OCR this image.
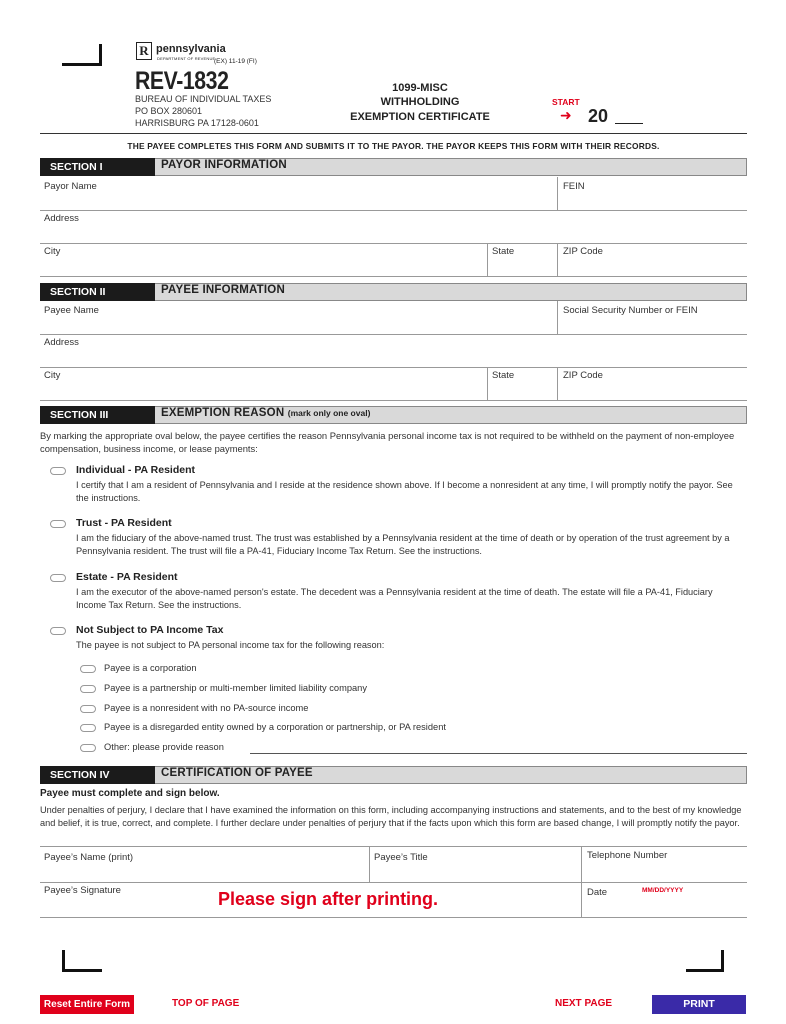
R pennsylvania
DEPARTMENT OF REVENUE
(EX) 11-19 (FI)
REV-1832
BUREAU OF INDIVIDUAL TAXES
PO BOX 280601
HARRISBURG PA 17128-0601
1099-MISC
WITHHOLDING
EXEMPTION CERTIFICATE
START
➜ 20
THE PAYEE COMPLETES THIS FORM AND SUBMITS IT TO THE PAYOR. THE PAYOR KEEPS THIS FORM WITH THEIR RECORDS.
SECTION I	PAYOR INFORMATION
Payor Name	FEIN
Address
City	State	ZIP Code
SECTION II	PAYEE INFORMATION
Payee Name	Social Security Number or FEIN
Address
City	State	ZIP Code
SECTION III	EXEMPTION REASON (mark only one oval)
By marking the appropriate oval below, the payee certifies the reason Pennsylvania personal income tax is not required to be withheld on the payment of non-employee compensation, business income, or lease payments:
Individual - PA Resident
I certify that I am a resident of Pennsylvania and I reside at the residence shown above. If I become a nonresident at any time, I will promptly notify the payor. See the instructions.
Trust - PA Resident
I am the fiduciary of the above-named trust. The trust was established by a Pennsylvania resident at the time of death or by operation of the trust agreement by a Pennsylvania resident. The trust will file a PA-41, Fiduciary Income Tax Return. See the instructions.
Estate - PA Resident
I am the executor of the above-named person's estate. The decedent was a Pennsylvania resident at the time of death. The estate will file a PA-41, Fiduciary Income Tax Return. See the instructions.
Not Subject to PA Income Tax
The payee is not subject to PA personal income tax for the following reason:
Payee is a corporation
Payee is a partnership or multi-member limited liability company
Payee is a nonresident with no PA-source income
Payee is a disregarded entity owned by a corporation or partnership, or PA resident
Other: please provide reason
SECTION IV	CERTIFICATION OF PAYEE
Payee must complete and sign below.
Under penalties of perjury, I declare that I have examined the information on this form, including accompanying instructions and statements, and to the best of my knowledge and belief, it is true, correct, and complete. I further declare under penalties of perjury that if the facts upon which this form are based change, I will promptly notify the payor.
Payee’s Name (print)	Payee’s Title	Telephone Number
Payee’s Signature	Please sign after printing.	Date	MM/DD/YYYY
Reset Entire Form	TOP OF PAGE	NEXT PAGE	PRINT
